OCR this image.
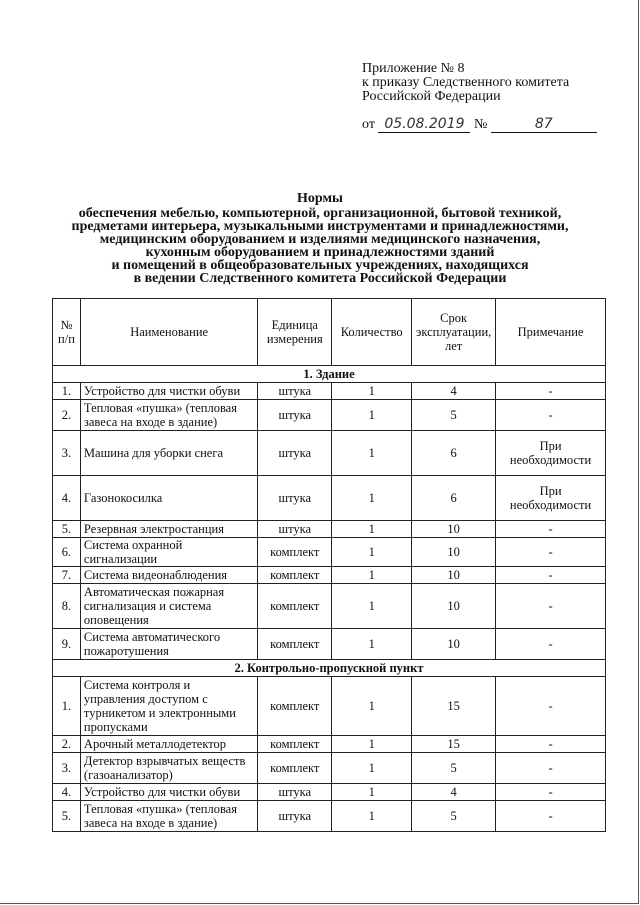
Приложение № 8
к приказу Следственного комитета
Российской Федерации
от 05.08.2019 №	87
Нормы
обеспечения мебелью, компьютерной, организационной, бытовой техникой,
предметами интерьера, музыкальными инструментами и принадлежностями,
медицинским оборудованием и изделиями медицинского назначения,
кухонным оборудованием и принадлежностями зданий
и помещений в общеобразовательных учреждениях, находящихся
в ведении Следственного комитета Российской Федерации
№ п/п	Наименование	Единица измерения	Количество	Срок эксплуатации, лет	Примечание
1. Здание					
1.	Устройство для чистки обуви	штука	1	4	-
2.	Тепловая «пушка» (тепловая завеса на входе в здание)	штука	1	5	-
3.	Машина для уборки снега	штука	1	6	При необходимости
4.	Газонокосилка	штука	1	6	При необходимости
5.	Резервная электростанция	штука	1	10	-
6.	Система охранной сигнализации	комплект	1	10	-
7.	Система видеонаблюдения	комплект	1	10	-
8.	Автоматическая пожарная сигнализация и система оповещения	комплект	1	10	-
9.	Система автоматического пожаротушения	комплект	1	10	-
2. Контрольно-пропускной пункт					
1.	Система контроля и управления доступом с турникетом и электронными пропусками	комплект	1	15	-
2.	Арочный металлодетектор	комплект	1	15	-
3.	Детектор взрывчатых веществ (газоанализатор)	комплект	1	5	-
4.	Устройство для чистки обуви	штука	1	4	-
5.	Тепловая «пушка» (тепловая завеса на входе в здание)	штука	1	5	-
